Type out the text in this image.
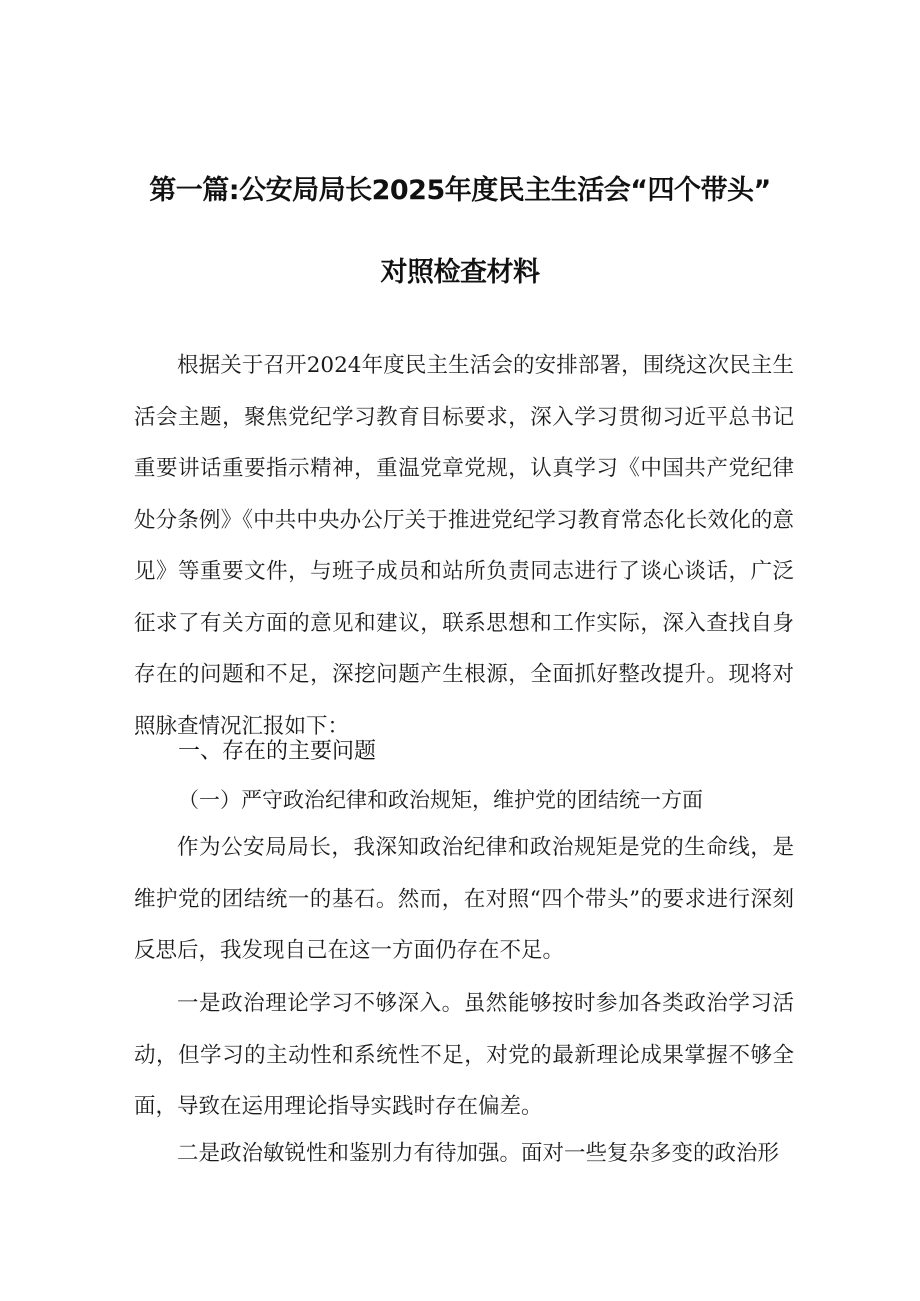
第一篇:公安局局长2025年度民主生活会“四个带头”
对照检查材料

根据关于召开2024年度民主生活会的安排部署，围绕这次民主生活会主题，聚焦党纪学习教育目标要求，深入学习贯彻习近平总书记重要讲话重要指示精神，重温党章党规，认真学习《中国共产党纪律处分条例》《中共中央办公厅关于推进党纪学习教育常态化长效化的意见》等重要文件，与班子成员和站所负责同志进行了谈心谈话，广泛征求了有关方面的意见和建议，联系思想和工作实际，深入查找自身存在的问题和不足，深挖问题产生根源，全面抓好整改提升。现将对照脉查情况汇报如下：

一、存在的主要问题
（一）严守政治纪律和政治规矩，维护党的团结统一方面

作为公安局局长，我深知政治纪律和政治规矩是党的生命线，是维护党的团结统一的基石。然而，在对照“四个带头”的要求进行深刻反思后，我发现自己在这一方面仍存在不足。

一是政治理论学习不够深入。虽然能够按时参加各类政治学习活动，但学习的主动性和系统性不足，对党的最新理论成果掌握不够全面，导致在运用理论指导实践时存在偏差。

二是政治敏锐性和鉴别力有待加强。面对一些复杂多变的政治形
